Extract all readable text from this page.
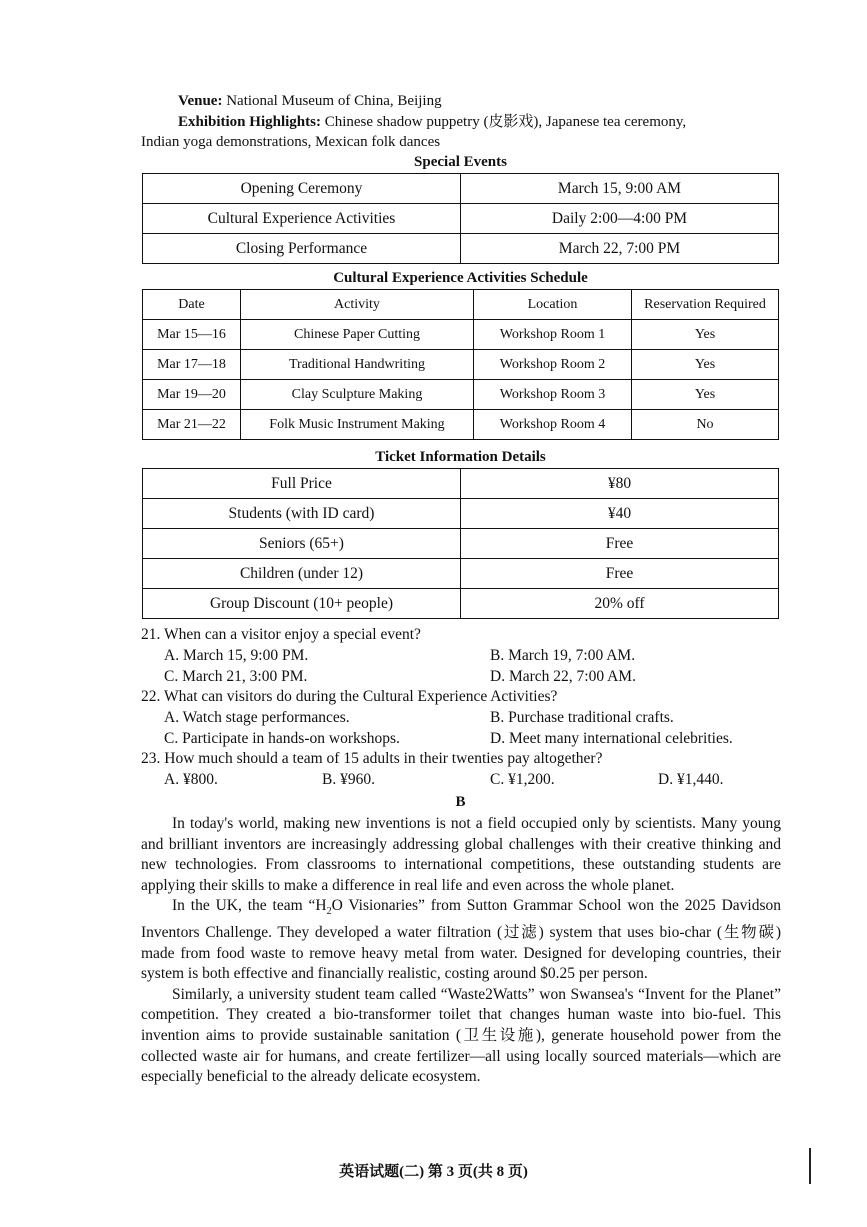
Venue: National Museum of China, Beijing
Exhibition Highlights: Chinese shadow puppetry (皮影戏), Japanese tea ceremony,
Indian yoga demonstrations, Mexican folk dances
Special Events
Opening Ceremony	March 15, 9:00 AM
Cultural Experience Activities	Daily 2:00—4:00 PM
Closing Performance	March 22, 7:00 PM
Cultural Experience Activities Schedule
Date	Activity	Location	Reservation Required
Mar 15—16	Chinese Paper Cutting	Workshop Room 1	Yes
Mar 17—18	Traditional Handwriting	Workshop Room 2	Yes
Mar 19—20	Clay Sculpture Making	Workshop Room 3	Yes
Mar 21—22	Folk Music Instrument Making	Workshop Room 4	No
Ticket Information Details
Full Price	¥80
Students (with ID card)	¥40
Seniors (65+)	Free
Children (under 12)	Free
Group Discount (10+ people)	20% off
21. When can a visitor enjoy a special event?
A. March 15, 9:00 PM.	B. March 19, 7:00 AM.
C. March 21, 3:00 PM.	D. March 22, 7:00 AM.
22. What can visitors do during the Cultural Experience Activities?
A. Watch stage performances.	B. Purchase traditional crafts.
C. Participate in hands-on workshops.	D. Meet many international celebrities.
23. How much should a team of 15 adults in their twenties pay altogether?
A. ¥800.	B. ¥960.	C. ¥1,200.	D. ¥1,440.
B

In today's world, making new inventions is not a field occupied only by scientists. Many young and brilliant inventors are increasingly addressing global challenges with their creative thinking and new technologies. From classrooms to international competitions, these outstanding students are applying their skills to make a difference in real life and even across the whole planet.

In the UK, the team “$H_2O$ Visionaries” from Sutton Grammar School won the 2025 Davidson Inventors Challenge. They developed a water filtration (过滤) system that uses bio-char (生物碳) made from food waste to remove heavy metal from water. Designed for developing countries, their system is both effective and financially realistic, costing around $0.25 per person.

Similarly, a university student team called “Waste2Watts” won Swansea's “Invent for the Planet” competition. They created a bio-transformer toilet that changes human waste into bio-fuel. This invention aims to provide sustainable sanitation (卫生设施), generate household power from the collected waste air for humans, and create fertilizer—all using locally sourced materials—which are especially beneficial to the already delicate ecosystem.

英语试题(二) 第 3 页(共 8 页)
